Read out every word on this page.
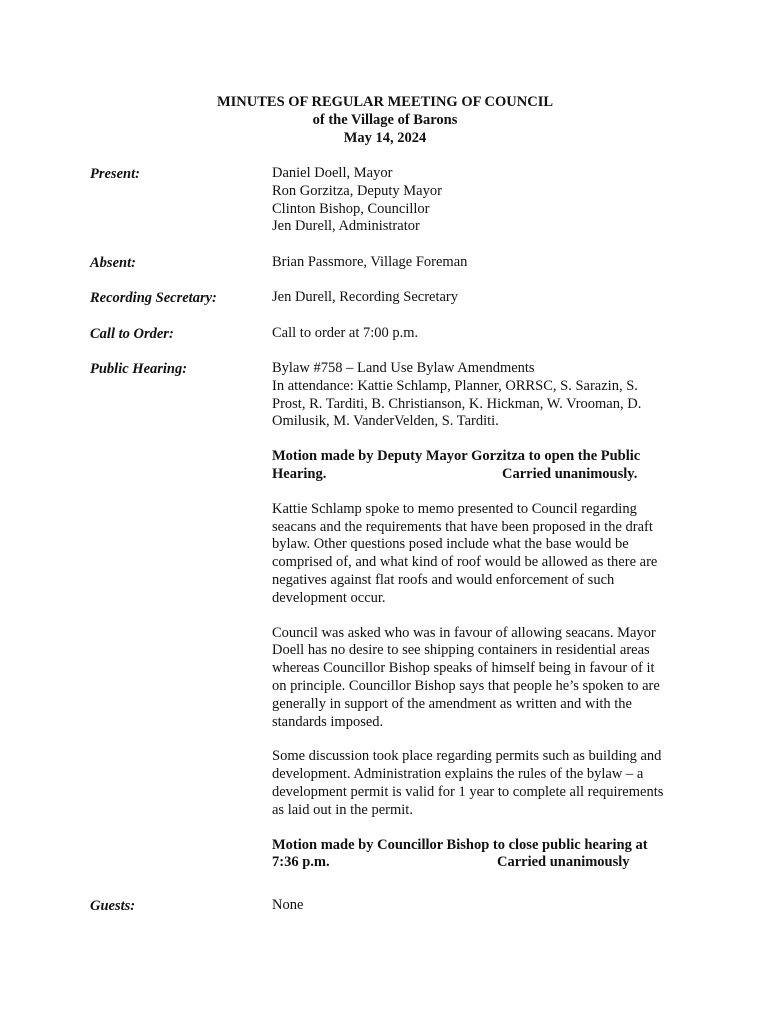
MINUTES OF REGULAR MEETING OF COUNCIL
of the Village of Barons
May 14, 2024
Present:	Daniel Doell, Mayor
Ron Gorzitza, Deputy Mayor
Clinton Bishop, Councillor
Jen Durell, Administrator
Absent:	Brian Passmore, Village Foreman
Recording Secretary:	Jen Durell, Recording Secretary
Call to Order:	Call to order at 7:00 p.m.
Public Hearing:	Bylaw #758 – Land Use Bylaw Amendments
In attendance: Kattie Schlamp, Planner, ORRSC, S. Sarazin, S.
Prost, R. Tarditi, B. Christianson, K. Hickman, W. Vrooman, D.
Omilusik, M. VanderVelden, S. Tarditi.
Motion made by Deputy Mayor Gorzitza to open the Public
Hearing.	Carried unanimously.
Kattie Schlamp spoke to memo presented to Council regarding
seacans and the requirements that have been proposed in the draft
bylaw. Other questions posed include what the base would be
comprised of, and what kind of roof would be allowed as there are
negatives against flat roofs and would enforcement of such
development occur.
Council was asked who was in favour of allowing seacans. Mayor
Doell has no desire to see shipping containers in residential areas
whereas Councillor Bishop speaks of himself being in favour of it
on principle. Councillor Bishop says that people he’s spoken to are
generally in support of the amendment as written and with the
standards imposed.
Some discussion took place regarding permits such as building and
development. Administration explains the rules of the bylaw – a
development permit is valid for 1 year to complete all requirements
as laid out in the permit.
Motion made by Councillor Bishop to close public hearing at
7:36 p.m.	Carried unanimously
Guests:	None
